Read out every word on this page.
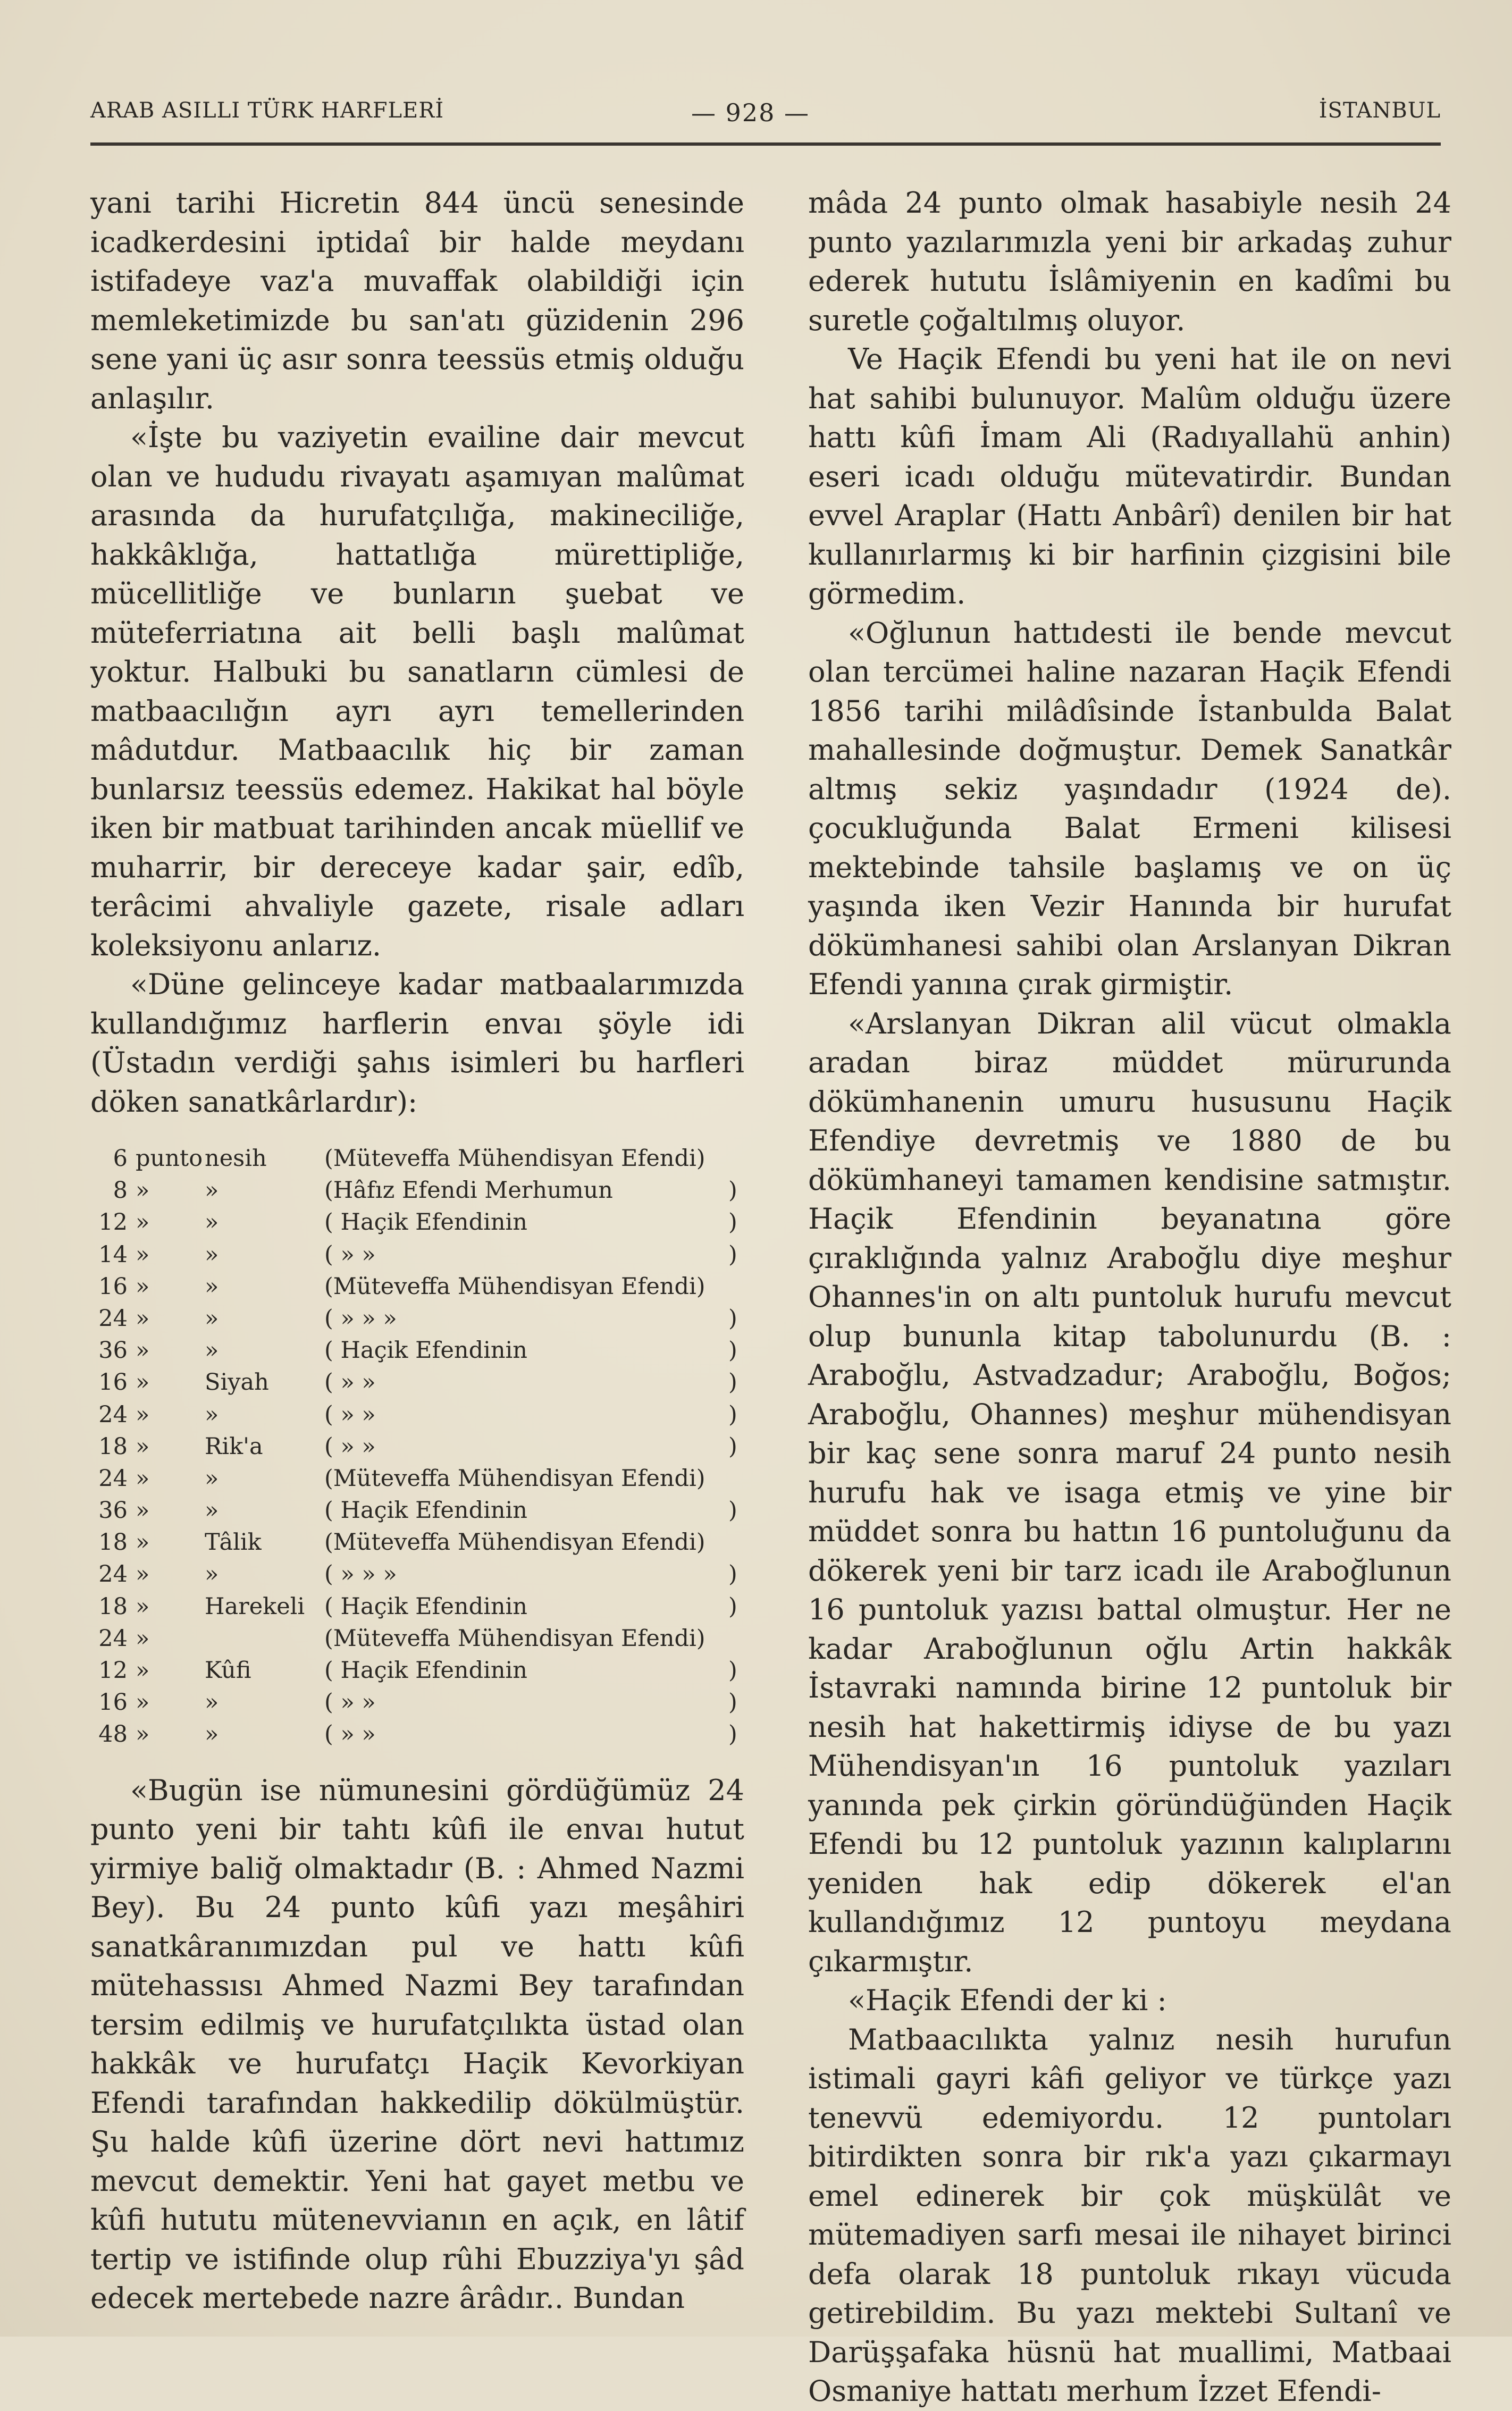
ARAB ASILLI TÜRK HARFLERİ	— 928 —	İSTANBUL

yani tarihi Hicretin 844 üncü senesinde icadkerdesini iptidaî bir halde meydanı istifadeye vaz'a muvaffak olabildiği için memleketimizde bu san'atı güzidenin 296 sene yani üç asır sonra teessüs etmiş olduğu anlaşılır.

«İşte bu vaziyetin evailine dair mevcut olan ve hududu rivayatı aşamıyan malûmat arasında da hurufatçılığa, makineciliğe, hakkâklığa, hattatlığa mürettipliğe, mücellitliğe ve bunların şuebat ve müteferriatına ait belli başlı malûmat yoktur. Halbuki bu sanatların cümlesi de matbaacılığın ayrı ayrı temellerinden mâdutdur. Matbaacılık hiç bir zaman bunlarsız teessüs edemez. Hakikat hal böyle iken bir matbuat tarihinden ancak müellif ve muharrir, bir dereceye kadar şair, edîb, terâcimi ahvaliyle gazete, risale adları koleksiyonu anlarız.

«Düne gelinceye kadar matbaalarımızda kullandığımız harflerin envaı şöyle idi (Üstadın verdiği şahıs isimleri bu harfleri döken sanatkârlardır):

6 punto nesih	(Müteveffa Mühendisyan Efendi)
8 » »	(Hâfız Efendi Merhumun	)
12 » »	( Haçik Efendinin	)
14 » »	( » »	)
16 » »	(Müteveffa Mühendisyan Efendi)
24 » »	( » » »	)
36 » »	( Haçik Efendinin	)
16 » Siyah ( » »	)
24 » »	( » »	)
18 » Rik'a	( » »	)
24 » »	(Müteveffa Mühendisyan Efendi)
36 » »	( Haçik Efendinin	)
18 » Tâlik	(Müteveffa Mühendisyan Efendi)
24 » »	( » » »	)
18 » Harekeli ( Haçik Efendinin	)
24 »	(Müteveffa Mühendisyan Efendi)
12 » Kûfi	( Haçik Efendinin	)
16 » »	( » »	)
48 » »	( » »	)

«Bugün ise nümunesini gördüğümüz 24 punto yeni bir tahtı kûfi ile envaı hutut yirmiye baliğ olmaktadır (B. : Ahmed Nazmi Bey). Bu 24 punto kûfi yazı meşâhiri sanatkâranımızdan pul ve hattı kûfi mütehassısı Ahmed Nazmi Bey tarafından tersim edilmiş ve hurufatçılıkta üstad olan hakkâk ve hurufatçı Haçik Kevorkiyan Efendi tarafından hakkedilip dökülmüştür. Şu halde kûfi üzerine dört nevi hattımız mevcut demektir. Yeni hat gayet metbu ve kûfi hututu mütenevvianın en açık, en lâtif tertip ve istifinde olup rûhi Ebuzziya'yı şâd edecek mertebede nazre ârâdır.. Bundan

mâda 24 punto olmak hasabiyle nesih 24 punto yazılarımızla yeni bir arkadaş zuhur ederek hututu İslâmiyenin en kadîmi bu suretle çoğaltılmış oluyor.

Ve Haçik Efendi bu yeni hat ile on nevi hat sahibi bulunuyor. Malûm olduğu üzere hattı kûfi İmam Ali (Radıyallahü anhin) eseri icadı olduğu mütevatirdir. Bundan evvel Araplar (Hattı Anbârî) denilen bir hat kullanırlarmış ki bir harfinin çizgisini bile görmedim.

«Oğlunun hattıdesti ile bende mevcut olan tercümei haline nazaran Haçik Efendi 1856 tarihi milâdîsinde İstanbulda Balat mahallesinde doğmuştur. Demek Sanatkâr altmış sekiz yaşındadır (1924 de). çocukluğunda Balat Ermeni kilisesi mektebinde tahsile başlamış ve on üç yaşında iken Vezir Hanında bir hurufat dökümhanesi sahibi olan Arslanyan Dikran Efendi yanına çırak girmiştir.

«Arslanyan Dikran alil vücut olmakla aradan biraz müddet mürurunda dökümhanenin umuru hususunu Haçik Efendiye devretmiş ve 1880 de bu dökümhaneyi tamamen kendisine satmıştır. Haçik Efendinin beyanatına göre çıraklığında yalnız Araboğlu diye meşhur Ohannes'in on altı puntoluk hurufu mevcut olup bununla kitap tabolunurdu (B. : Araboğlu, Astvadzadur; Araboğlu, Boğos; Araboğlu, Ohannes) meşhur mühendisyan bir kaç sene sonra maruf 24 punto nesih hurufu hak ve isaga etmiş ve yine bir müddet sonra bu hattın 16 puntoluğunu da dökerek yeni bir tarz icadı ile Araboğlunun 16 puntoluk yazısı battal olmuştur. Her ne kadar Araboğlunun oğlu Artin hakkâk İstavraki namında birine 12 puntoluk bir nesih hat hakettirmiş idiyse de bu yazı Mühendisyan'ın 16 puntoluk yazıları yanında pek çirkin göründüğünden Haçik Efendi bu 12 puntoluk yazının kalıplarını yeniden hak edip dökerek el'an kullandığımız 12 puntoyu meydana çıkarmıştır.

«Haçik Efendi der ki :

Matbaacılıkta yalnız nesih hurufun istimali gayri kâfi geliyor ve türkçe yazı tenevvü edemiyordu. 12 puntoları bitirdikten sonra bir rık'a yazı çıkarmayı emel edinerek bir çok müşkülât ve mütemadiyen sarfı mesai ile nihayet birinci defa olarak 18 puntoluk rıkayı vücuda getirebildim. Bu yazı mektebi Sultanî ve Darüşşafaka hüsnü hat muallimi, Matbaai Osmaniye hattatı merhum İzzet Efendi-
